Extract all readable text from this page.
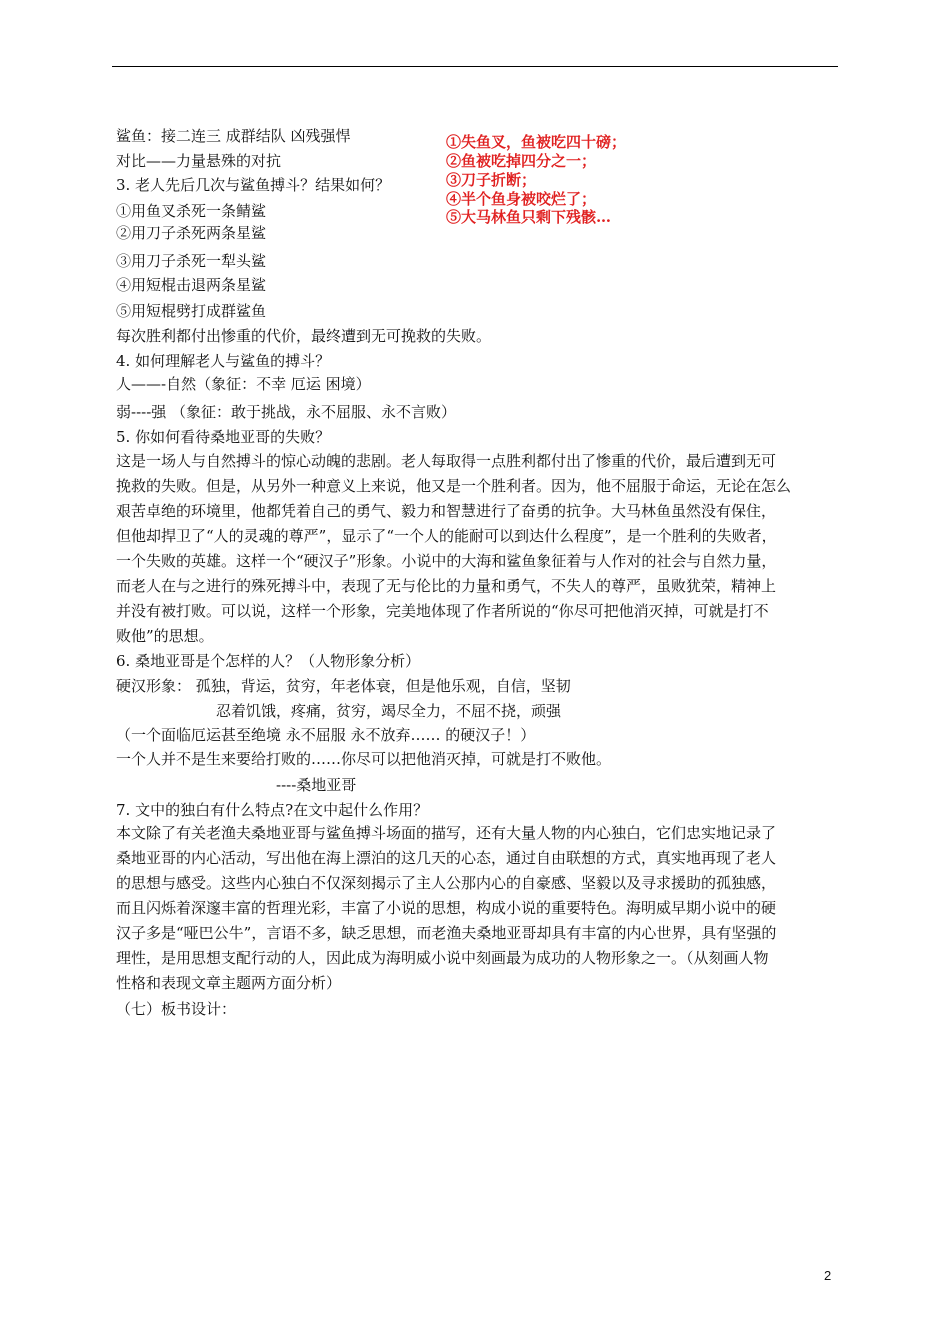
鲨鱼：接二连三 成群结队 凶残强悍
对比——力量悬殊的对抗
3. 老人先后几次与鲨鱼搏斗？结果如何？
①用鱼叉杀死一条鲭鲨
②用刀子杀死两条星鲨
③用刀子杀死一犁头鲨
④用短棍击退两条星鲨
⑤用短棍劈打成群鲨鱼
①失鱼叉，鱼被吃四十磅；
②鱼被吃掉四分之一；
③刀子折断；
④半个鱼身被咬烂了；
⑤大马林鱼只剩下残骸…
每次胜利都付出惨重的代价，最终遭到无可挽救的失败。
4. 如何理解老人与鲨鱼的搏斗？
人——-自然（象征：不幸 厄运 困境）
弱----强 （象征：敢于挑战，永不屈服、永不言败）
5. 你如何看待桑地亚哥的失败？
这是一场人与自然搏斗的惊心动魄的悲剧。老人每取得一点胜利都付出了惨重的代价，最后遭到无可
挽救的失败。但是，从另外一种意义上来说，他又是一个胜利者。因为，他不屈服于命运，无论在怎么
艰苦卓绝的环境里，他都凭着自己的勇气、毅力和智慧进行了奋勇的抗争。大马林鱼虽然没有保住，
但他却捍卫了“人的灵魂的尊严”，显示了“一个人的能耐可以到达什么程度”，是一个胜利的失败者，
一个失败的英雄。这样一个“硬汉子”形象。小说中的大海和鲨鱼象征着与人作对的社会与自然力量，
而老人在与之进行的殊死搏斗中，表现了无与伦比的力量和勇气，不失人的尊严，虽败犹荣，精神上
并没有被打败。可以说，这样一个形象，完美地体现了作者所说的“你尽可把他消灭掉，可就是打不
败他”的思想。
6. 桑地亚哥是个怎样的人？（人物形象分析）
硬汉形象： 孤独，背运，贫穷，年老体衰，但是他乐观，自信，坚韧
忍着饥饿，疼痛，贫穷，竭尽全力，不屈不挠，顽强
（一个面临厄运甚至绝境 永不屈服 永不放弃…… 的硬汉子！）
一个人并不是生来要给打败的……你尽可以把他消灭掉，可就是打不败他。
----桑地亚哥
7. 文中的独白有什么特点?在文中起什么作用？
本文除了有关老渔夫桑地亚哥与鲨鱼搏斗场面的描写，还有大量人物的内心独白，它们忠实地记录了
桑地亚哥的内心活动，写出他在海上漂泊的这几天的心态，通过自由联想的方式，真实地再现了老人
的思想与感受。这些内心独白不仅深刻揭示了主人公那内心的自豪感、坚毅以及寻求援助的孤独感，
而且闪烁着深邃丰富的哲理光彩，丰富了小说的思想，构成小说的重要特色。海明威早期小说中的硬
汉子多是“哑巴公牛”，言语不多，缺乏思想，而老渔夫桑地亚哥却具有丰富的内心世界，具有坚强的
理性，是用思想支配行动的人，因此成为海明威小说中刻画最为成功的人物形象之一。（从刻画人物
性格和表现文章主题两方面分析）
（七）板书设计：
2
